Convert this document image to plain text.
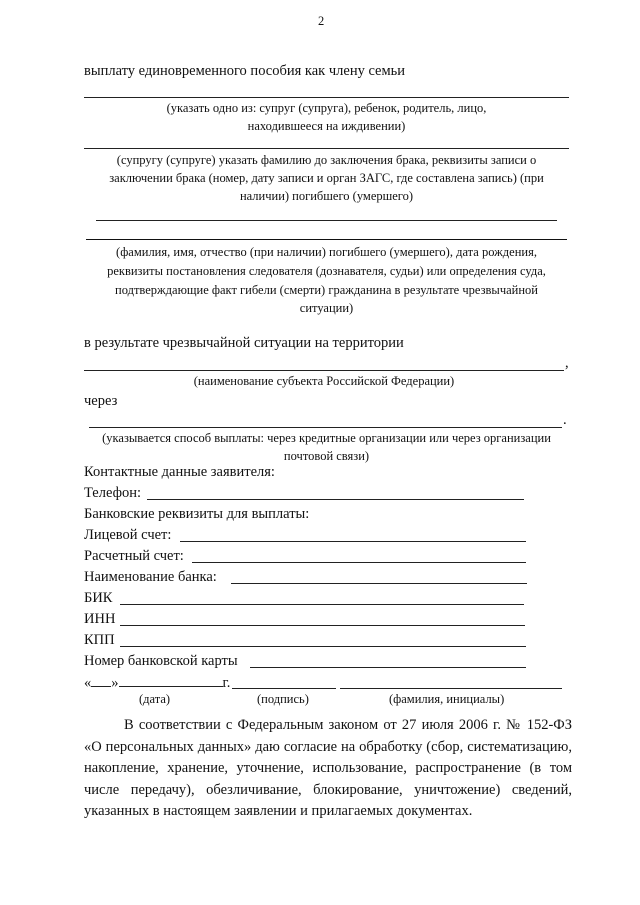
2
выплату единовременного пособия как члену семьи
(указать одно из: супруг (супруга), ребенок, родитель, лицо,
находившееся на иждивении)
(супругу (супруге) указать фамилию до заключения брака, реквизиты записи о
заключении брака (номер, дату записи и орган ЗАГС, где составлена запись) (при
наличии) погибшего (умершего)
(фамилия, имя, отчество (при наличии) погибшего (умершего), дата рождения,
реквизиты постановления следователя (дознавателя, судьи) или определения суда,
подтверждающие факт гибели (смерти) гражданина в результате чрезвычайной
ситуации)
в результате чрезвычайной ситуации на территории
,
(наименование субъекта Российской Федерации)
через
.
(указывается способ выплаты: через кредитные организации или через организации
почтовой связи)
Контактные данные заявителя:
Телефон:
Банковские реквизиты для выплаты:
Лицевой счет:
Расчетный счет:
Наименование банка:
БИК
ИНН
КПП
Номер банковской карты
« »	г.
(дата)	(подпись)	(фамилия, инициалы)
В соответствии с Федеральным законом от 27 июля 2006 г. № 152-ФЗ «О персональных данных» даю согласие на обработку (сбор, систематизацию, накопление, хранение, уточнение, использование, распространение (в том числе передачу), обезличивание, блокирование, уничтожение) сведений, указанных в настоящем заявлении и прилагаемых документах.
